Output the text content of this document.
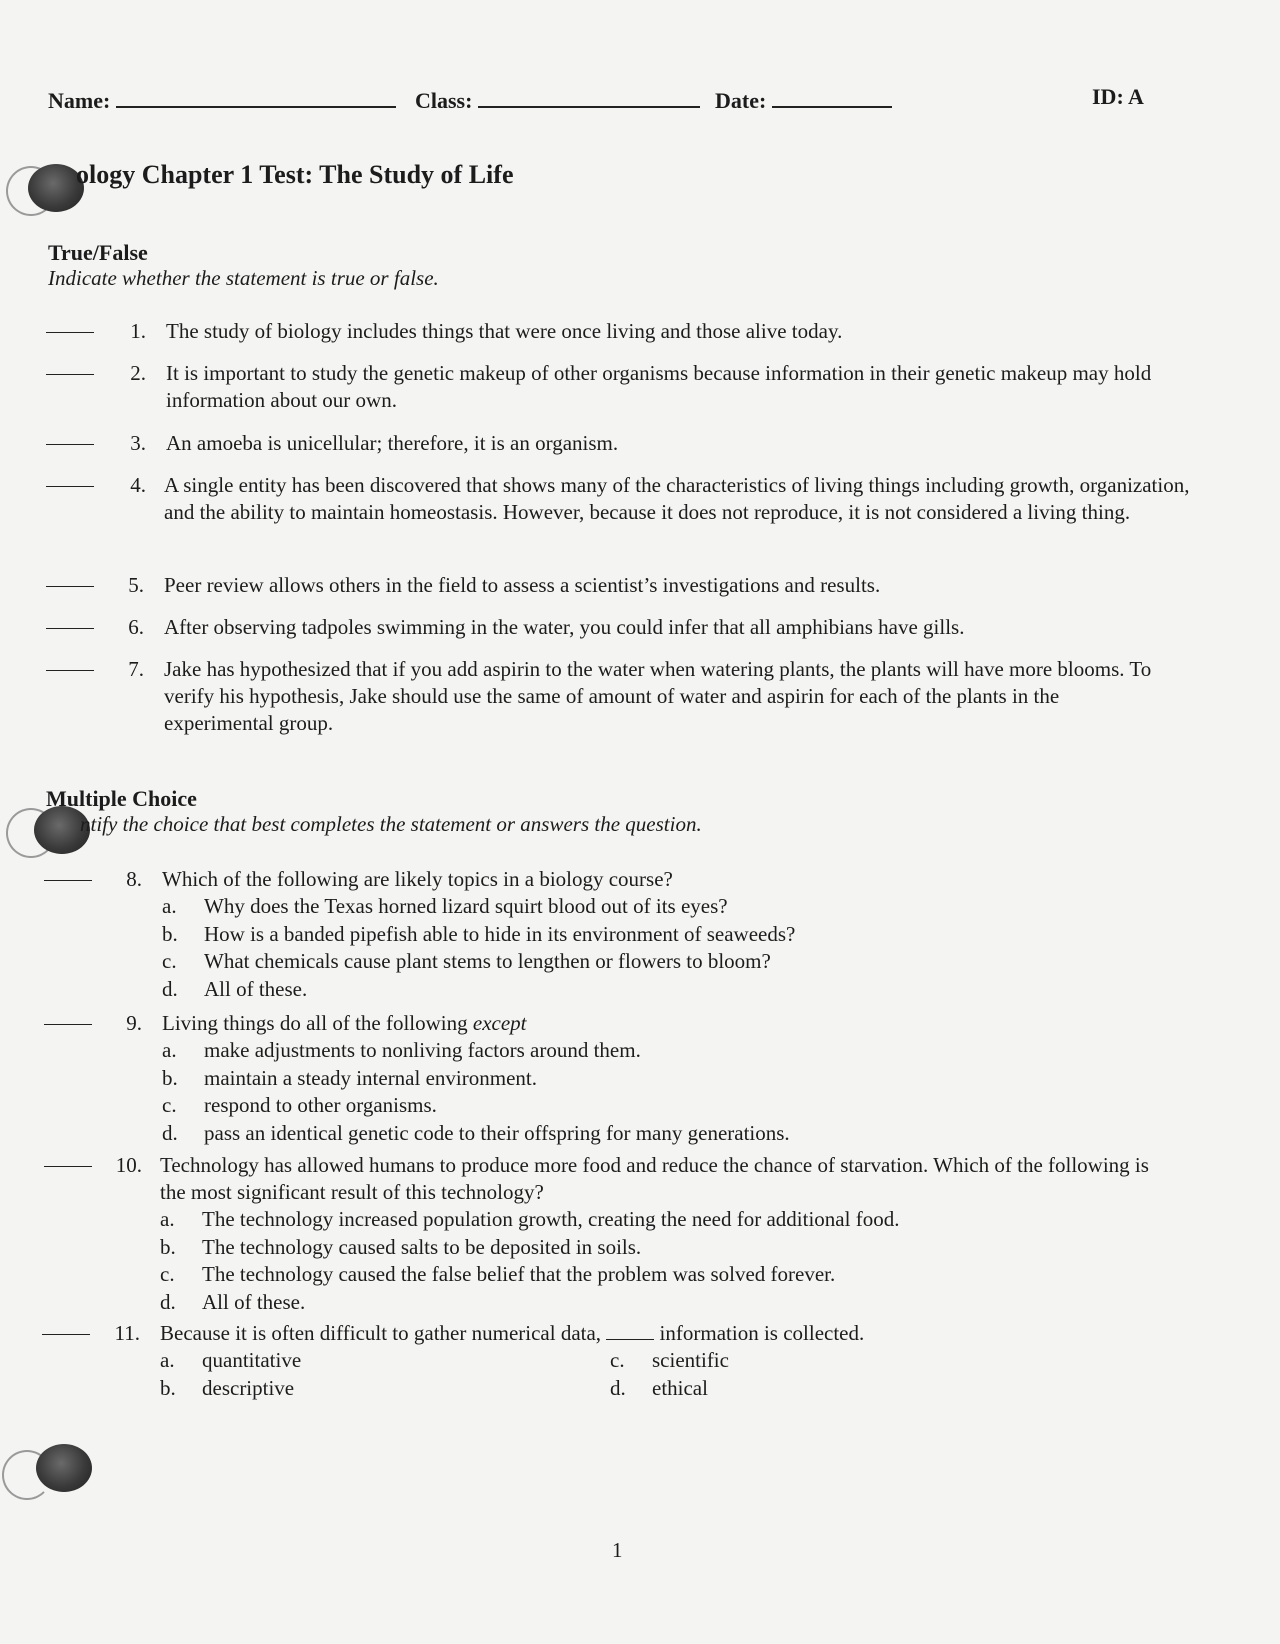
Name:	Class:	Date:	ID: A
ology Chapter 1 Test: The Study of Life
True/False
Indicate whether the statement is true or false.
1. The study of biology includes things that were once living and those alive today.
2. It is important to study the genetic makeup of other organisms because information in their genetic makeup may hold information about our own.
3. An amoeba is unicellular; therefore, it is an organism.
4. A single entity has been discovered that shows many of the characteristics of living things including growth, organization, and the ability to maintain homeostasis. However, because it does not reproduce, it is not considered a living thing.
5. Peer review allows others in the field to assess a scientist’s investigations and results.
6. After observing tadpoles swimming in the water, you could infer that all amphibians have gills.
7. Jake has hypothesized that if you add aspirin to the water when watering plants, the plants will have more blooms. To verify his hypothesis, Jake should use the same of amount of water and aspirin for each of the plants in the experimental group.
Multiple Choice
ntify the choice that best completes the statement or answers the question.
8. Which of the following are likely topics in a biology course?
a.	Why does the Texas horned lizard squirt blood out of its eyes?
b.	How is a banded pipefish able to hide in its environment of seaweeds?
c.	What chemicals cause plant stems to lengthen or flowers to bloom?
d.	All of these.
9. Living things do all of the following except
a.	make adjustments to nonliving factors around them.
b.	maintain a steady internal environment.
c.	respond to other organisms.
d.	pass an identical genetic code to their offspring for many generations.
10. Technology has allowed humans to produce more food and reduce the chance of starvation. Which of the following is the most significant result of this technology?
a.	The technology increased population growth, creating the need for additional food.
b.	The technology caused salts to be deposited in soils.
c.	The technology caused the false belief that the problem was solved forever.
d.	All of these.
11. Because it is often difficult to gather numerical data,	information is collected.
a.	quantitative
b.	descriptive
c.	scientific
d.	ethical
1
